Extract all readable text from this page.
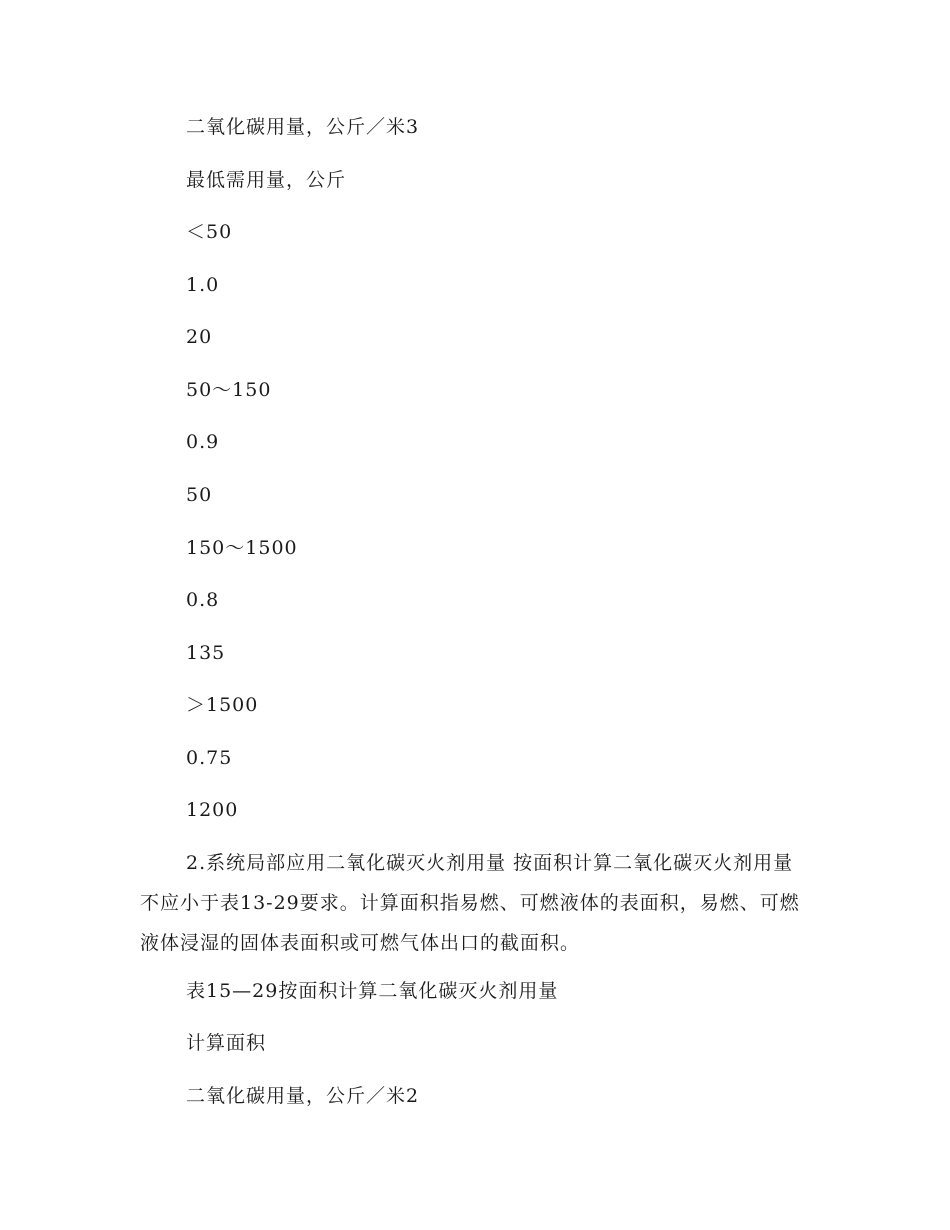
二氧化碳用量，公斤／米3
最低需用量，公斤
＜50
1.0
20
50～150
0.9
50
150～1500
0.8
135
＞1500
0.75
1200
2.系统局部应用二氧化碳灭火剂用量 按面积计算二氧化碳灭火剂用量不应小于表13-29要求。计算面积指易燃、可燃液体的表面积，易燃、可燃液体浸湿的固体表面积或可燃气体出口的截面积。
表15—29按面积计算二氧化碳灭火剂用量
计算面积
二氧化碳用量，公斤／米2
